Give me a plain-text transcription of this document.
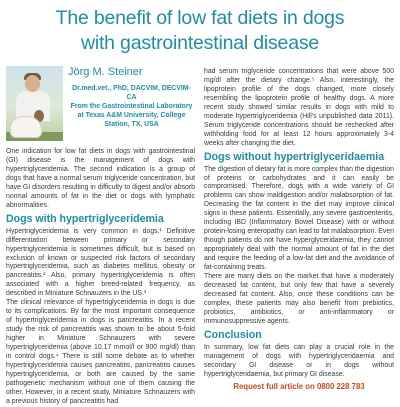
The benefit of low fat diets in dogs
with gastrointestinal disease

Jörg M. Steiner

Dr.med.vet., PhD, DACVIM, DECVIM-CA

From the Gastrointestinal Laboratory at Texas A&M University, College Station, TX, USA

One indication for low fat diets in dogs with gastrointestinal (GI) disease is the management of dogs with hypertriglyceridemia. The second indication is a group of dogs that have a normal serum triglyceride concentration, but have GI disorders resulting in difficulty to digest and/or absorb normal amounts of fat in the diet or dogs with lymphatic abnormalities.

Dogs with hypertriglyceridemia

Hypertriglyceridemia is very common in dogs.¹ Definitive differentiation between primary or secondary hypertriglyceridemia is sometimes difficult, but is based on exclusion of known or suspected risk factors of secondary hypertriglyceridemia, such as diabetes mellitus, obesity or pancreatitis.² Also, primary hypertriglyceridemia is often associated with a higher breed-related frequency, as described in Miniature Schnauzers in the US.³

The clinical relevance of hypertriglyceridemia in dogs is due to its complications. By far the most important consequence of hypertriglyceridemia in dogs is pancreatitis. In a recent study the risk of pancreatitis was shown to be about 5-fold higher in Miniature Schnauzers with severe hypertriglyceridemia (above 10.17 mmol/l or 900 mg/dl) than in control dogs.⁴ There is still some debate as to whether hypertriglyceridemia causes pancreatitis, pancreatitis causes hypertriglyceridemia, or both are caused by the same pathogenetic mechanism without one of them causing the other. However, in a recent study, Miniature Schnauzers with a previous history of pancreatitis had

had serum triglyceride concentrations that were above 500 mg/dl after the dietary change.⁵ Also, interestingly, the lipoprotein profile of the dogs changed, more closely resembling the lipoprotein profile of healthy dogs. A more recent study showed similar results in dogs with mild to moderate hypertriglyceridemia (Hill's unpublished data 2011). Serum triglyceride concentrations should be rechecked after withholding food for at least 12 hours approximately 3-4 weeks after changing the diet.

Dogs without hypertriglyceridaemia

The digestion of dietary fat is more complex than the digestion of proteins or carbohydrates and it can easily be compromised. Therefore, dogs with a wide variety of GI problems can show maldigestion and/or malabsorption of fat. Decreasing the fat content in the diet may improve clinical signs in these patients. Essentially, any severe gastroenteritis, including IBD (Inflammatory Bowel Disease) with or without protein-losing enteropathy can lead to fat malabsorption. Even though patients do not have hyperglyceridaemia, they cannot appropriately deal with the normal amount of fat in the diet and require the feeding of a low-fat diet and the avoidance of fat-containing treats.

There are many diets on the market that have a moderately decreased fat content, but only few that have a severely decreased fat content. Also, once these conditions can be complex, these patients may also benefit from prebiotics, probiotics, antibiotics, or anti-inflammatory or immunosuppressive agents.

Conclusion

In summary, low fat diets can play a crucial role in the management of dogs with hypertriglyceridaemia and secondary GI disease or in dogs without hypertriglyceridaemia, but primary GI disease.

Request full article on 0800 228 783
